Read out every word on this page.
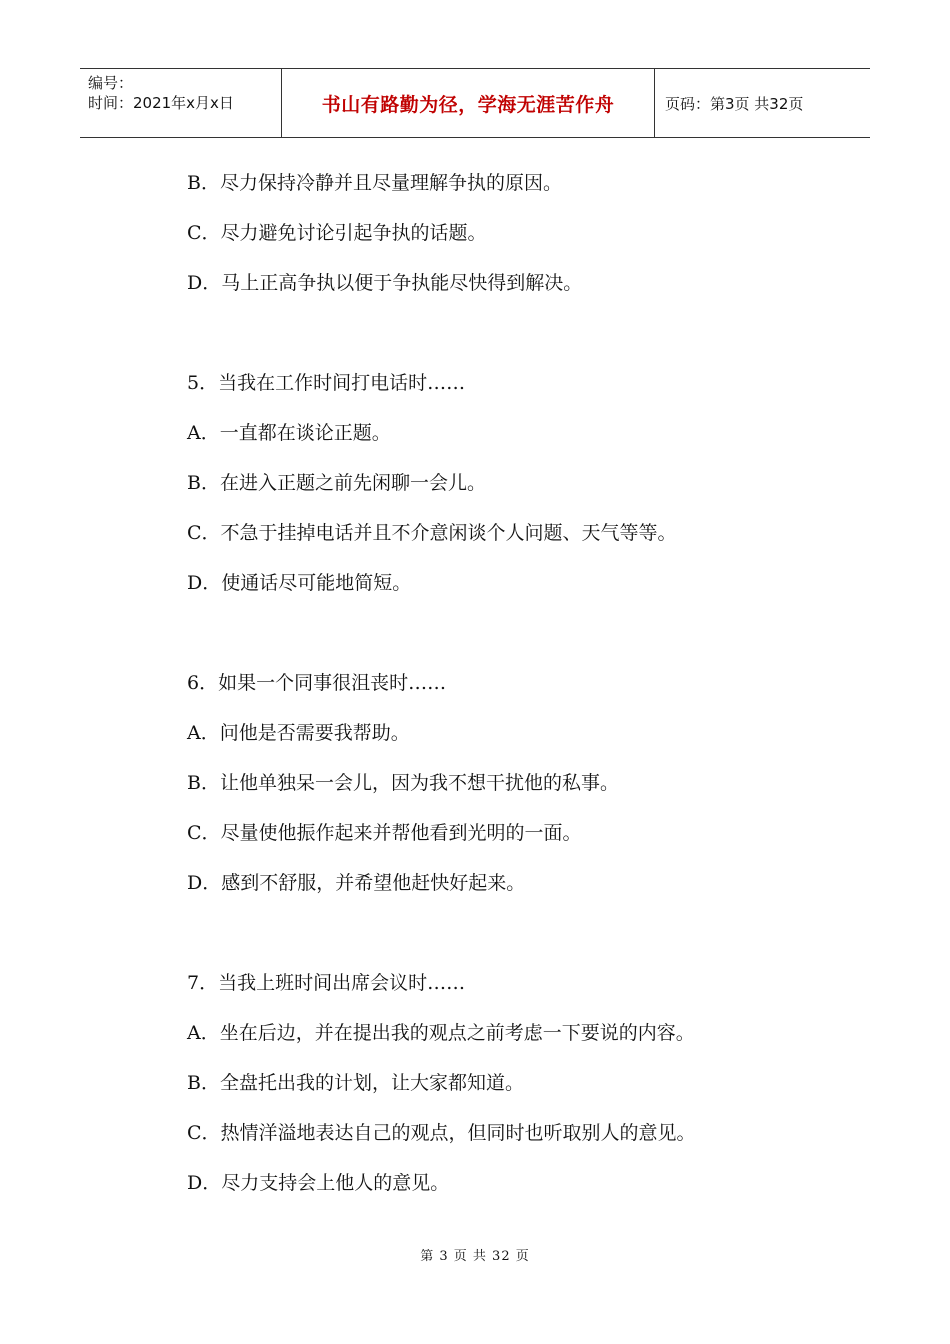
编号：
时间：2021年x月x日	书山有路勤为径，学海无涯苦作舟	页码：第3页 共32页
B．尽力保持冷静并且尽量理解争执的原因。
C．尽力避免讨论引起争执的话题。
D．马上正高争执以便于争执能尽快得到解决。
5．当我在工作时间打电话时……
A．一直都在谈论正题。
B．在进入正题之前先闲聊一会儿。
C．不急于挂掉电话并且不介意闲谈个人问题、天气等等。
D．使通话尽可能地简短。
6．如果一个同事很沮丧时……
A．问他是否需要我帮助。
B．让他单独呆一会儿，因为我不想干扰他的私事。
C．尽量使他振作起来并帮他看到光明的一面。
D．感到不舒服，并希望他赶快好起来。
7．当我上班时间出席会议时……
A．坐在后边，并在提出我的观点之前考虑一下要说的内容。
B．全盘托出我的计划，让大家都知道。
C．热情洋溢地表达自己的观点，但同时也听取别人的意见。
D．尽力支持会上他人的意见。
第 3 页 共 32 页
